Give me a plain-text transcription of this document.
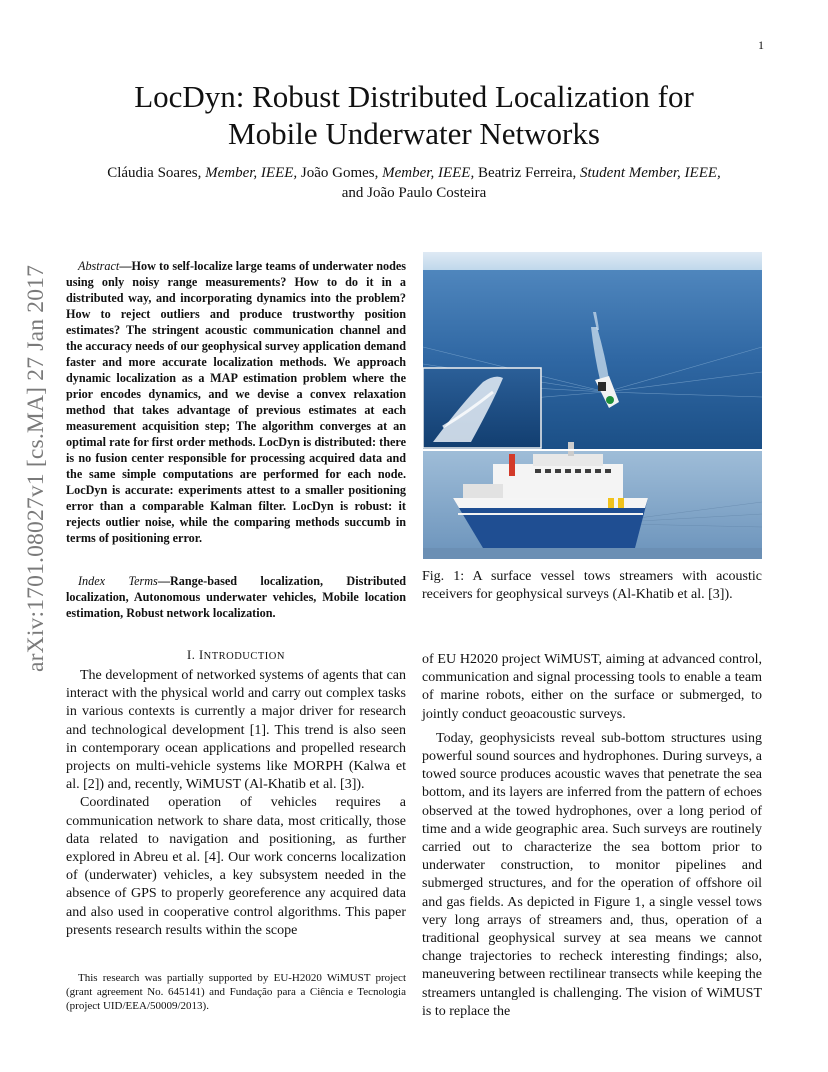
1
LocDyn: Robust Distributed Localization for
Mobile Underwater Networks
Cláudia Soares, Member, IEEE, João Gomes, Member, IEEE, Beatriz Ferreira, Student Member, IEEE,
and João Paulo Costeira
arXiv:1701.08027v1 [cs.MA] 27 Jan 2017	Abstract—How to self-localize large teams of underwater nodes using only noisy range measurements? How to do it in a distributed way, and incorporating dynamics into the problem? How to reject outliers and produce trustworthy position estimates? The stringent acoustic communication channel and the accuracy needs of our geophysical survey application demand faster and more accurate localization methods. We approach dynamic localization as a MAP estimation problem where the prior encodes dynamics, and we devise a convex relaxation method that takes advantage of previous estimates at each measurement acquisition step; The algorithm converges at an optimal rate for first order methods. LocDyn is distributed: there is no fusion center responsible for processing acquired data and the same simple computations are performed for each node. LocDyn is accurate: experiments attest to a smaller positioning error than a comparable Kalman filter. LocDyn is robust: it rejects outlier noise, while the comparing methods succumb in terms of positioning error.
Index Terms—Range-based localization, Distributed localization, Autonomous underwater vehicles, Mobile location estimation, Robust network localization.
I. INTRODUCTION

The development of networked systems of agents that can interact with the physical world and carry out complex tasks in various contexts is currently a major driver for research and technological development [1]. This trend is also seen in contemporary ocean applications and propelled research projects on multi-vehicle systems like MORPH (Kalwa et al. [2]) and, recently, WiMUST (Al-Khatib et al. [3]).

Coordinated operation of vehicles requires a communication network to share data, most critically, those data related to navigation and positioning, as further explored in Abreu et al. [4]. Our work concerns localization of (underwater) vehicles, a key subsystem needed in the absence of GPS to properly georeference any acquired data and also used in cooperative control algorithms. This paper presents research results within the scope

This research was partially supported by EU-H2020 WiMUST project (grant agreement No. 645141) and Fundação para a Ciência e Tecnologia (project UID/EEA/50009/2013).

Fig. 1: A surface vessel tows streamers with acoustic receivers for geophysical surveys (Al-Khatib et al. [3]).

of EU H2020 project WiMUST, aiming at advanced control, communication and signal processing tools to enable a team of marine robots, either on the surface or submerged, to jointly conduct geoacoustic surveys.

Today, geophysicists reveal sub-bottom structures using powerful sound sources and hydrophones. During surveys, a towed source produces acoustic waves that penetrate the sea bottom, and its layers are inferred from the pattern of echoes observed at the towed hydrophones, over a long period of time and a wide geographic area. Such surveys are routinely carried out to characterize the sea bottom prior to underwater construction, to monitor pipelines and submerged structures, and for the operation of offshore oil and gas fields. As depicted in Figure 1, a single vessel tows very long arrays of streamers and, thus, operation of a traditional geophysical survey at sea means we cannot change trajectories to recheck interesting findings; also, maneuvering between rectilinear transects while keeping the streamers untangled is challenging. The vision of WiMUST is to replace the
